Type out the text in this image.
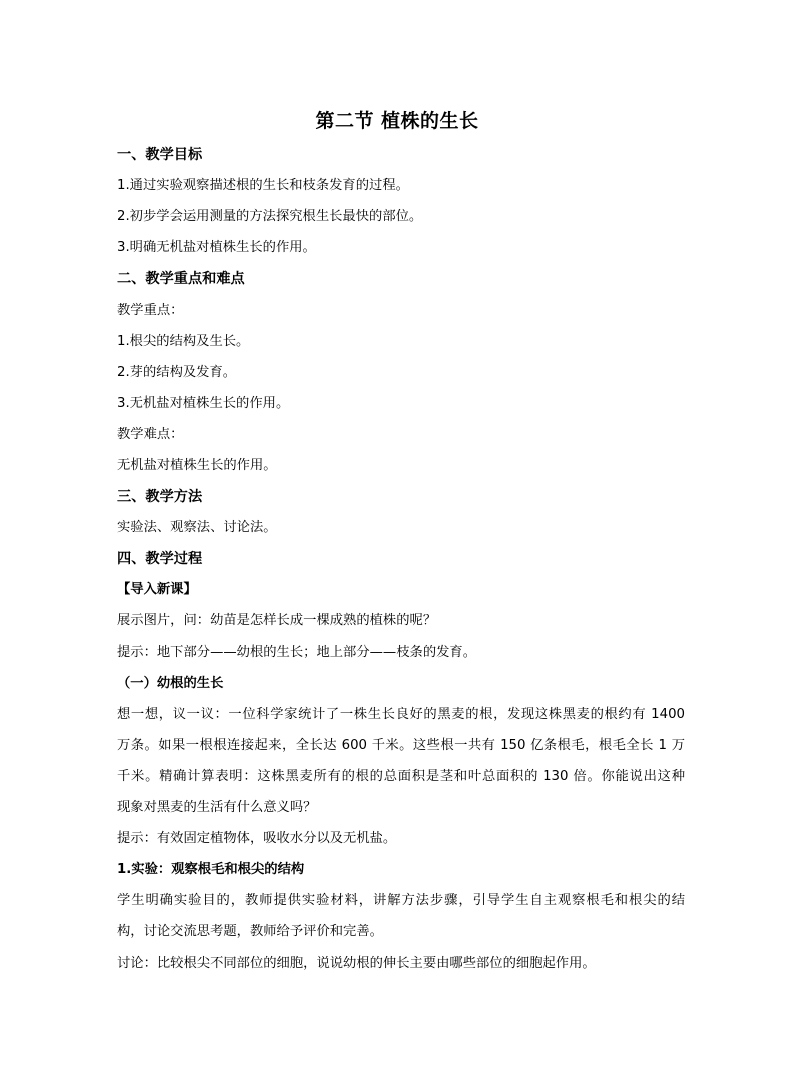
第二节 植株的生长
一、教学目标
1.通过实验观察描述根的生长和枝条发育的过程。
2.初步学会运用测量的方法探究根生长最快的部位。
3.明确无机盐对植株生长的作用。
二、教学重点和难点
教学重点：
1.根尖的结构及生长。
2.芽的结构及发育。
3.无机盐对植株生长的作用。
教学难点：
无机盐对植株生长的作用。
三、教学方法
实验法、观察法、讨论法。
四、教学过程
【导入新课】
展示图片，问：幼苗是怎样长成一棵成熟的植株的呢？
提示：地下部分——幼根的生长；地上部分——枝条的发育。
（一）幼根的生长
想一想，议一议：一位科学家统计了一株生长良好的黑麦的根，发现这株黑麦的根约有 1400
万条。如果一根根连接起来，全长达 600 千米。这些根一共有 150 亿条根毛，根毛全长 1 万
千米。精确计算表明：这株黑麦所有的根的总面积是茎和叶总面积的 130 倍。你能说出这种
现象对黑麦的生活有什么意义吗？
提示：有效固定植物体，吸收水分以及无机盐。
1.实验：观察根毛和根尖的结构
学生明确实验目的，教师提供实验材料，讲解方法步骤，引导学生自主观察根毛和根尖的结
构，讨论交流思考题，教师给予评价和完善。
讨论：比较根尖不同部位的细胞，说说幼根的伸长主要由哪些部位的细胞起作用。
